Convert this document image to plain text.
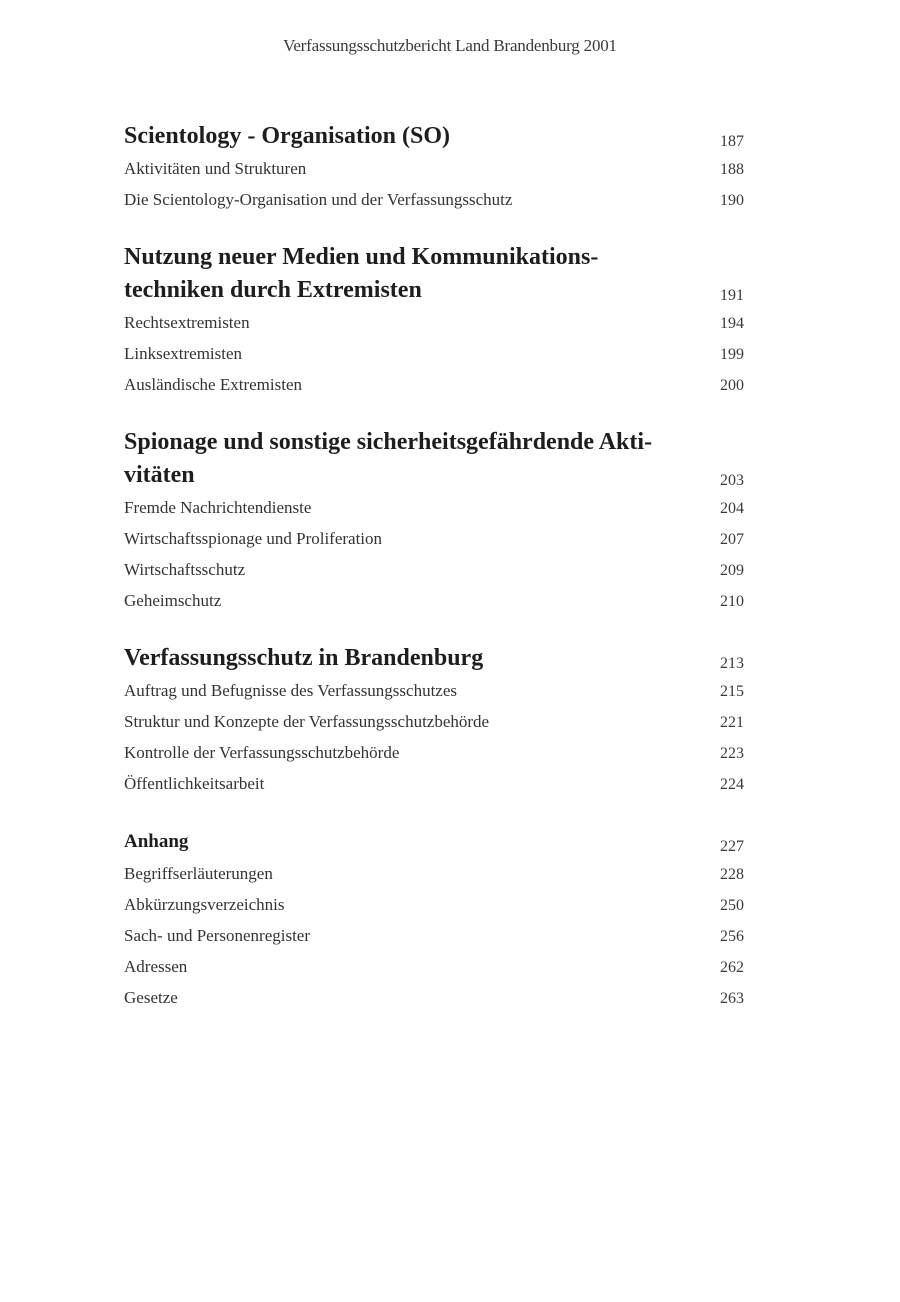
Verfassungsschutzbericht Land Brandenburg 2001
Scientology - Organisation (SO)	187
Aktivitäten und Strukturen	188
Die Scientology-Organisation und der Verfassungsschutz	190
Nutzung neuer Medien und Kommunikations-
techniken durch Extremisten	191
Rechtsextremisten	194
Linksextremisten	199
Ausländische Extremisten	200
Spionage und sonstige sicherheitsgefährdende Akti-
vitäten	203
Fremde Nachrichtendienste	204
Wirtschaftsspionage und Proliferation	207
Wirtschaftsschutz	209
Geheimschutz	210
Verfassungsschutz in Brandenburg	213
Auftrag und Befugnisse des Verfassungsschutzes	215
Struktur und Konzepte der Verfassungsschutzbehörde	221
Kontrolle der Verfassungsschutzbehörde	223
Öffentlichkeitsarbeit	224
Anhang	227
Begriffserläuterungen	228
Abkürzungsverzeichnis	250
Sach- und Personenregister	256
Adressen	262
Gesetze	263
